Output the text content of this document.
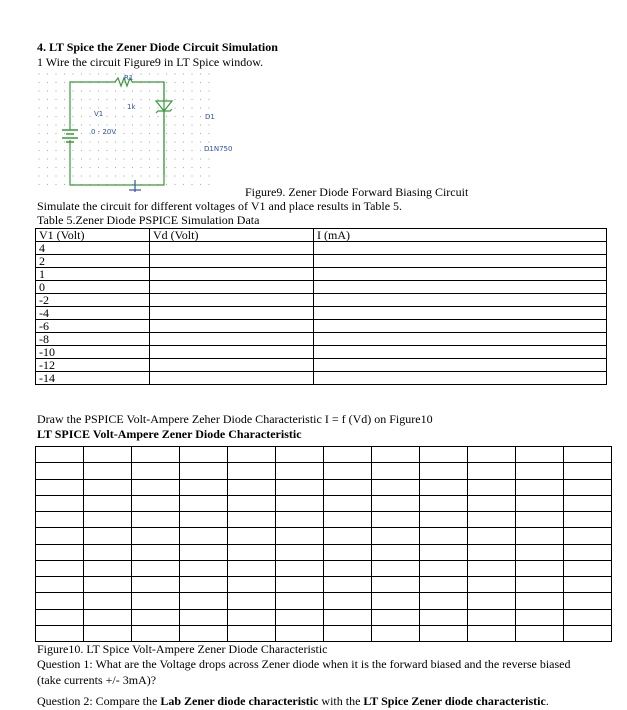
4. LT Spice the Zener Diode Circuit Simulation
1 Wire the circuit Figure9 in LT Spice window.
R1
1k
V1
0 - 20V
D1
D1N750
Figure9. Zener Diode Forward Biasing Circuit
Simulate the circuit for different voltages of V1 and place results in Table 5.
Table 5.Zener Diode PSPICE Simulation Data
V1 (Volt)	Vd (Volt)	I (mA)
4		
2		
1		
0		
-2		
-4		
-6		
-8		
-10		
-12		
-14		
Draw the PSPICE Volt-Ampere Zeher Diode Characteristic I = f (Vd) on Figure10
LT SPICE Volt-Ampere Zener Diode Characteristic

Figure10. LT Spice Volt-Ampere Zener Diode Characteristic
Question 1: What are the Voltage drops across Zener diode when it is the forward biased and the reverse biased
(take currents +/- 3mA)?
Question 2: Compare the Lab Zener diode characteristic with the LT Spice Zener diode characteristic.
